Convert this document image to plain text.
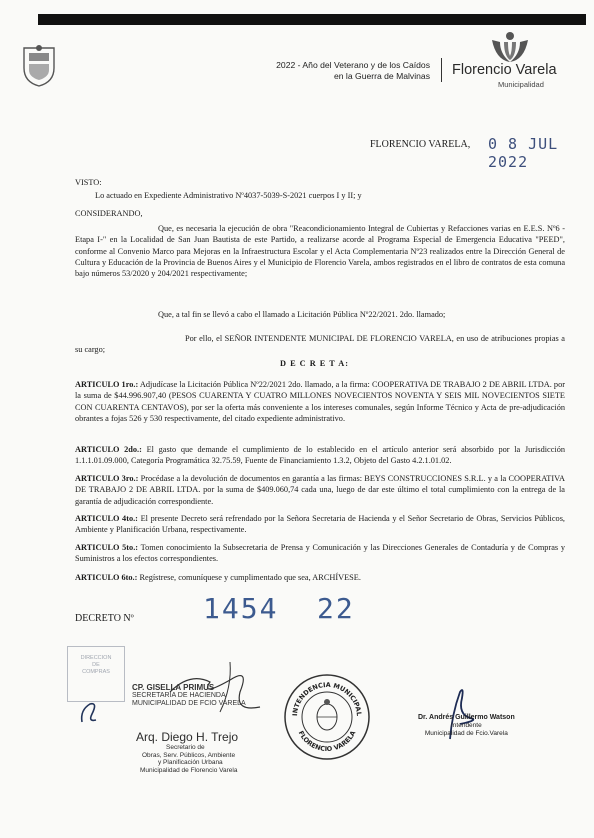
2022 - Año del Veterano y de los Caídos
en la Guerra de Malvinas Florencio Varela
Municipalidad
FLORENCIO VARELA, 0 8 JUL 2022
VISTO:
Lo actuado en Expediente Administrativo Nº4037-5039-S-2021 cuerpos I y II; y
CONSIDERANDO,
Que, es necesaria la ejecución de obra "Reacondicionamiento Integral de Cubiertas y Refacciones varias en E.E.S. Nº6 -Etapa I-" en la Localidad de San Juan Bautista de este Partido, a realizarse acorde al Programa Especial de Emergencia Educativa "PEED", conforme al Convenio Marco para Mejoras en la Infraestructura Escolar y el Acta Complementaria Nº23 realizados entre la Dirección General de Cultura y Educación de la Provincia de Buenos Aires y el Municipio de Florencio Varela, ambos registrados en el libro de contratos de esta comuna bajo números 53/2020 y 204/2021 respectivamente;
Que, a tal fin se llevó a cabo el llamado a Licitación Pública Nº22/2021. 2do. llamado;
Por ello, el SEÑOR INTENDENTE MUNICIPAL DE FLORENCIO VARELA, en uso de atribuciones propias a su cargo;
D E C R E T A:
ARTICULO 1ro.: Adjudícase la Licitación Pública Nº22/2021 2do. llamado, a la firma: COOPERATIVA DE TRABAJO 2 DE ABRIL LTDA. por la suma de $44.996.907,40 (PESOS CUARENTA Y CUATRO MILLONES NOVECIENTOS NOVENTA Y SEIS MIL NOVECIENTOS SIETE CON CUARENTA CENTAVOS), por ser la oferta más conveniente a los intereses comunales, según Informe Técnico y Acta de pre-adjudicación obrantes a fojas 526 y 530 respectivamente, del citado expediente administrativo.
ARTICULO 2do.: El gasto que demande el cumplimiento de lo establecido en el artículo anterior será absorbido por la Jurisdicción 1.1.1.01.09.000, Categoría Programática 32.75.59, Fuente de Financiamiento 1.3.2, Objeto del Gasto 4.2.1.01.02.
ARTICULO 3ro.: Procédase a la devolución de documentos en garantía a las firmas: BEYS CONSTRUCCIONES S.R.L. y a la COOPERATIVA DE TRABAJO 2 DE ABRIL LTDA. por la suma de $409.060,74 cada una, luego de dar este último el total cumplimiento con la entrega de la garantía de adjudicación correspondiente.
ARTICULO 4to.: El presente Decreto será refrendado por la Señora Secretaria de Hacienda y el Señor Secretario de Obras, Servicios Públicos, Ambiente y Planificación Urbana, respectivamente.
ARTICULO 5to.: Tomen conocimiento la Subsecretaria de Prensa y Comunicación y las Direcciones Generales de Contaduría y de Compras y Suministros a los efectos correspondientes.
ARTICULO 6to.: Regístrese, comuníquese y cumplimentado que sea, ARCHÍVESE.
DECRETO Nº 1454 22
DIRECCION
DE
COMPRAS
CP. GISELLA PRIMUS
SECRETARIA DE HACIENDA
MUNICIPALIDAD DE FCIO VARELA
Arq. Diego H. Trejo
Secretario de
Obras, Serv. Públicos, Ambiente
y Planificación Urbana
Municipalidad de Florencio Varela
INTENDENCIA MUNICIPAL
FLORENCIO VARELA
Dr. Andrés Guillermo Watson
Intendente
Municipalidad de Fcio.Varela
